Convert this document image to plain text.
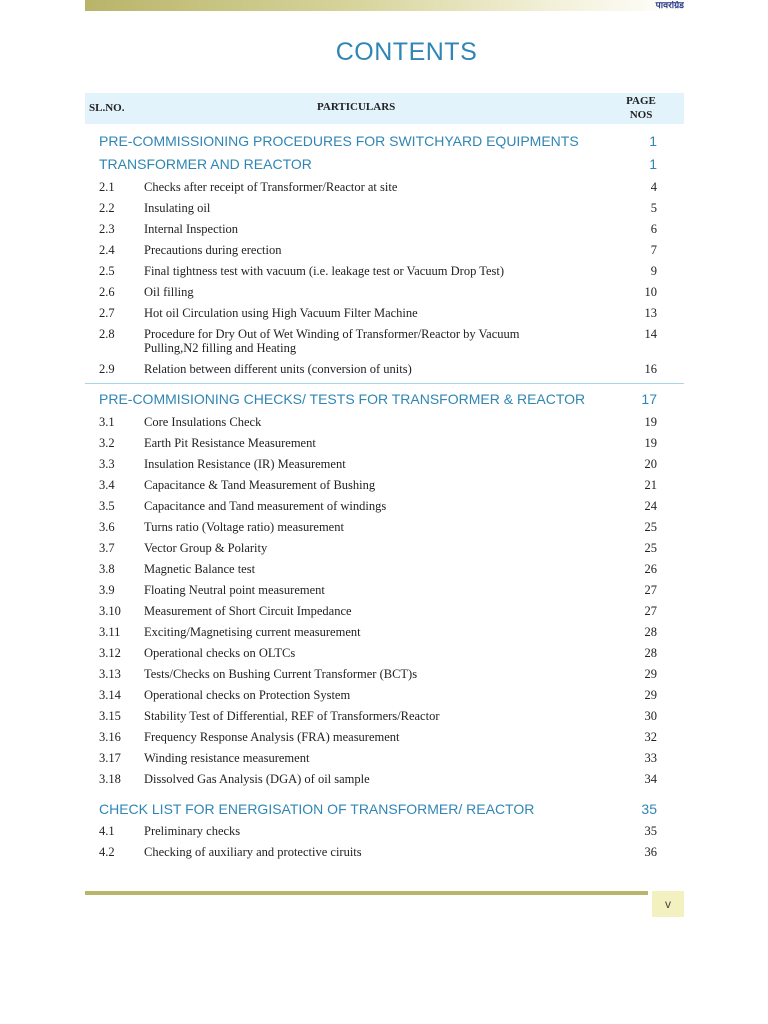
पावरग्रिड
CONTENTS
SL.NO.	PARTICULARS	PAGE
NOS
PRE-COMMISSIONING PROCEDURES FOR SWITCHYARD EQUIPMENTS	1
TRANSFORMER AND REACTOR	1
2.1 Checks after receipt of Transformer/Reactor at site	4
2.2 Insulating oil	5
2.3 Internal Inspection	6
2.4 Precautions during erection	7
2.5 Final tightness test with vacuum (i.e. leakage test or Vacuum Drop Test)	9
2.6 Oil filling	10
2.7 Hot oil Circulation using High Vacuum Filter Machine	13
2.8 Procedure for Dry Out of Wet Winding of Transformer/Reactor by Vacuum
Pulling,N2 filling and Heating
14
2.9 Relation between different units (conversion of units)	16
PRE-COMMISIONING CHECKS/ TESTS FOR TRANSFORMER & REACTOR	17
3.1 Core Insulations Check	19
3.2 Earth Pit Resistance Measurement	19
3.3 Insulation Resistance (IR) Measurement	20
3.4 Capacitance & Tand Measurement of Bushing	21
3.5 Capacitance and Tand measurement of windings	24
3.6 Turns ratio (Voltage ratio) measurement	25
3.7 Vector Group & Polarity	25
3.8 Magnetic Balance test	26
3.9 Floating Neutral point measurement	27
3.10 Measurement of Short Circuit Impedance	27
3.11 Exciting/Magnetising current measurement	28
3.12 Operational checks on OLTCs	28
3.13 Tests/Checks on Bushing Current Transformer (BCT)s	29
3.14 Operational checks on Protection System	29
3.15 Stability Test of Differential, REF of Transformers/Reactor	30
3.16 Frequency Response Analysis (FRA) measurement	32
3.17 Winding resistance measurement	33
3.18 Dissolved Gas Analysis (DGA) of oil sample	34
CHECK LIST FOR ENERGISATION OF TRANSFORMER/ REACTOR	35
4.1 Preliminary checks	35
4.2 Checking of auxiliary and protective ciruits	36
v
